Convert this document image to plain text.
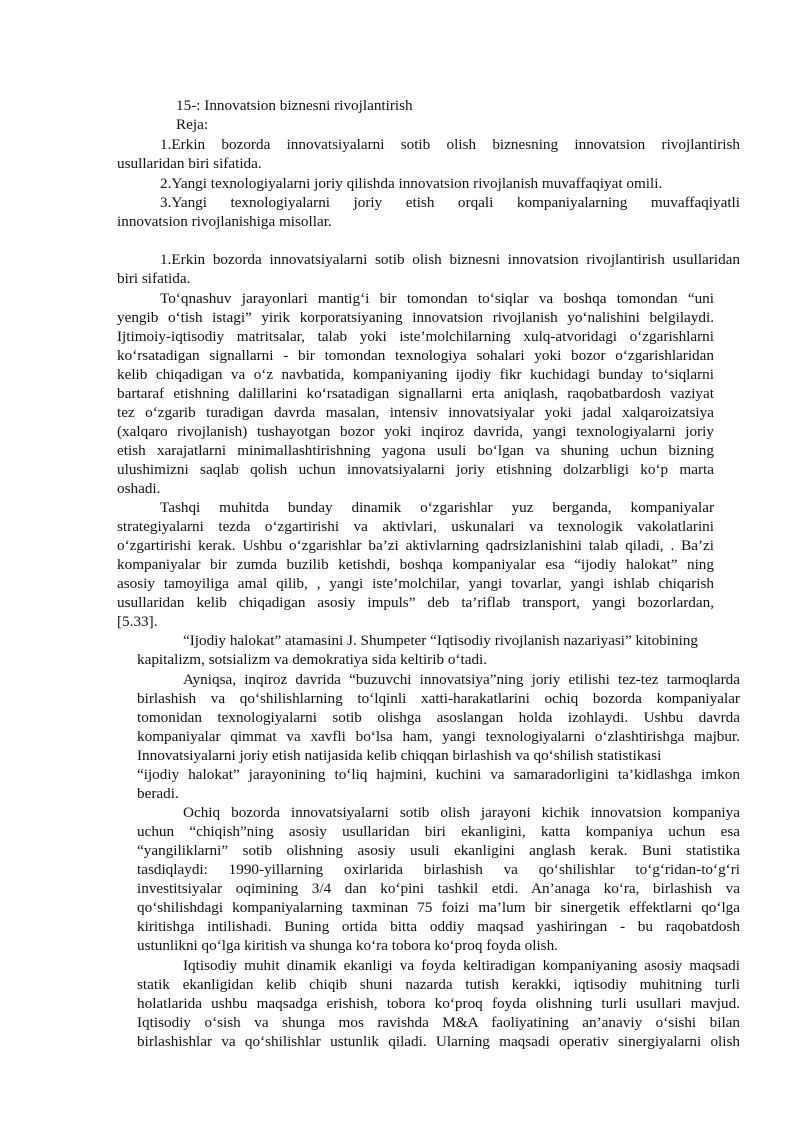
15-: Innovatsion biznesni rivojlantirish

Reja:

1.Erkin bozorda innovatsiyalarni sotib olish biznesning innovatsion rivojlantirish

usullaridan biri sifatida.

2.Yangi texnologiyalarni joriy qilishda innovatsion rivojlanish muvaffaqiyat omili.

3.Yangi texnologiyalarni joriy etish orqali kompaniyalarning muvaffaqiyatli

innovatsion rivojlanishiga misollar.

1.Erkin bozorda innovatsiyalarni sotib olish biznesni innovatsion rivojlantirish usullaridan

biri sifatida.

To‘qnashuv jarayonlari mantig‘i bir tomondan to‘siqlar va boshqa tomondan “uni

yengib o‘tish istagi” yirik korporatsiyaning innovatsion rivojlanish yo‘nalishini belgilaydi.

Ijtimoiy-iqtisodiy matritsalar, talab yoki iste’molchilarning xulq-atvoridagi o‘zgarishlarni

ko‘rsatadigan signallarni - bir tomondan texnologiya sohalari yoki bozor o‘zgarishlaridan

kelib chiqadigan va o‘z navbatida, kompaniyaning ijodiy fikr kuchidagi bunday to‘siqlarni

bartaraf etishning dalillarini ko‘rsatadigan signallarni erta aniqlash, raqobatbardosh vaziyat

tez o‘zgarib turadigan davrda masalan, intensiv innovatsiyalar yoki jadal xalqaroizatsiya

(xalqaro rivojlanish) tushayotgan bozor yoki inqiroz davrida, yangi texnologiyalarni joriy

etish xarajatlarni minimallashtirishning yagona usuli bo‘lgan va shuning uchun bizning

ulushimizni saqlab qolish uchun innovatsiyalarni joriy etishning dolzarbligi ko‘p marta

oshadi.

Tashqi muhitda bunday dinamik o‘zgarishlar yuz berganda, kompaniyalar

strategiyalarni tezda o‘zgartirishi va aktivlari, uskunalari va texnologik vakolatlarini

o‘zgartirishi kerak. Ushbu o‘zgarishlar ba’zi aktivlarning qadrsizlanishini talab qiladi, . Ba’zi

kompaniyalar bir zumda buzilib ketishdi, boshqa kompaniyalar esa “ijodiy halokat” ning

asosiy tamoyiliga amal qilib, , yangi iste’molchilar, yangi tovarlar, yangi ishlab chiqarish

usullaridan kelib chiqadigan asosiy impuls” deb ta’riflab transport, yangi bozorlardan,

[5.33].

“Ijodiy halokat” atamasini J. Shumpeter “Iqtisodiy rivojlanish nazariyasi” kitobining

kapitalizm, sotsializm va demokratiya sida keltirib o‘tadi.

Ayniqsa, inqiroz davrida “buzuvchi innovatsiya”ning joriy etilishi tez-tez tarmoqlarda

birlashish va qo‘shilishlarning to‘lqinli xatti-harakatlarini ochiq bozorda kompaniyalar

tomonidan texnologiyalarni sotib olishga asoslangan holda izohlaydi. Ushbu davrda

kompaniyalar qimmat va xavfli bo‘lsa ham, yangi texnologiyalarni o‘zlashtirishga majbur.

Innovatsiyalarni joriy etish natijasida kelib chiqqan birlashish va qo‘shilish statistikasi

“ijodiy halokat” jarayonining to‘liq hajmini, kuchini va samaradorligini ta’kidlashga imkon

beradi.

Ochiq bozorda innovatsiyalarni sotib olish jarayoni kichik innovatsion kompaniya

uchun “chiqish”ning asosiy usullaridan biri ekanligini, katta kompaniya uchun esa

“yangiliklarni” sotib olishning asosiy usuli ekanligini anglash kerak. Buni statistika

tasdiqlaydi: 1990-yillarning oxirlarida birlashish va qo‘shilishlar to‘g‘ridan-to‘g‘ri

investitsiyalar oqimining 3/4 dan ko‘pini tashkil etdi. An’anaga ko‘ra, birlashish va

qo‘shilishdagi kompaniyalarning taxminan 75 foizi ma’lum bir sinergetik effektlarni qo‘lga

kiritishga intilishadi. Buning ortida bitta oddiy maqsad yashiringan - bu raqobatdosh

ustunlikni qo‘lga kiritish va shunga ko‘ra tobora ko‘proq foyda olish.

Iqtisodiy muhit dinamik ekanligi va foyda keltiradigan kompaniyaning asosiy maqsadi

statik ekanligidan kelib chiqib shuni nazarda tutish kerakki, iqtisodiy muhitning turli

holatlarida ushbu maqsadga erishish, tobora ko‘proq foyda olishning turli usullari mavjud.

Iqtisodiy o‘sish va shunga mos ravishda M&A faoliyatining an’anaviy o‘sishi bilan

birlashishlar va qo‘shilishlar ustunlik qiladi. Ularning maqsadi operativ sinergiyalarni olish
